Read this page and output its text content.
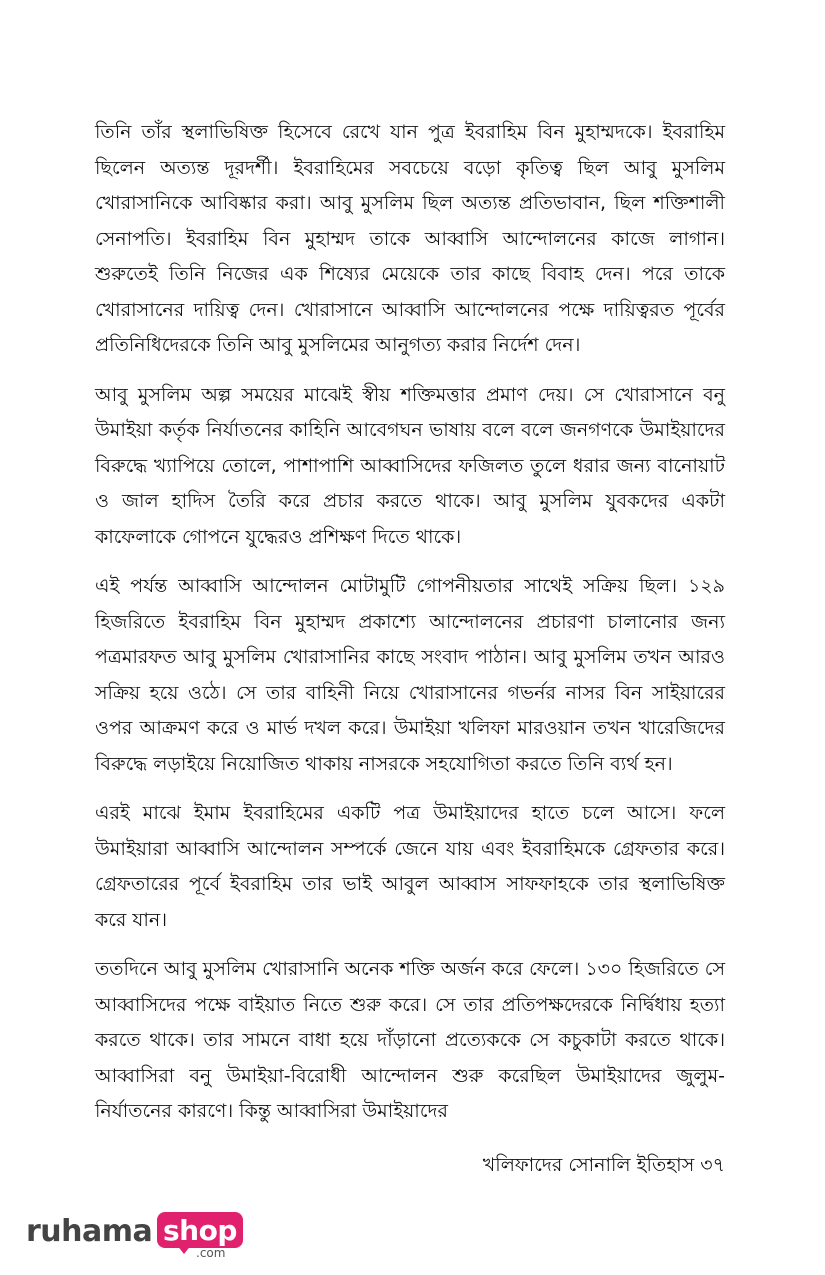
তিনি তাঁর স্থলাভিষিক্ত হিসেবে রেখে যান পুত্র ইবরাহিম বিন মুহাম্মদকে। ইবরাহিম ছিলেন অত্যন্ত দূরদর্শী। ইবরাহিমের সবচেয়ে বড়ো কৃতিত্ব ছিল আবু মুসলিম খোরাসানিকে আবিষ্কার করা। আবু মুসলিম ছিল অত্যন্ত প্রতিভাবান, ছিল শক্তিশালী সেনাপতি। ইবরাহিম বিন মুহাম্মদ তাকে আব্বাসি আন্দোলনের কাজে লাগান। শুরুতেই তিনি নিজের এক শিষ্যের মেয়েকে তার কাছে বিবাহ দেন। পরে তাকে খোরাসানের দায়িত্ব দেন। খোরাসানে আব্বাসি আন্দোলনের পক্ষে দায়িত্বরত পূর্বের প্রতিনিধিদেরকে তিনি আবু মুসলিমের আনুগত্য করার নির্দেশ দেন।

আবু মুসলিম অল্প সময়ের মাঝেই স্বীয় শক্তিমত্তার প্রমাণ দেয়। সে খোরাসানে বনু উমাইয়া কর্তৃক নির্যাতনের কাহিনি আবেগঘন ভাষায় বলে বলে জনগণকে উমাইয়াদের বিরুদ্ধে খ্যাপিয়ে তোলে, পাশাপাশি আব্বাসিদের ফজিলত তুলে ধরার জন্য বানোয়াট ও জাল হাদিস তৈরি করে প্রচার করতে থাকে। আবু মুসলিম যুবকদের একটা কাফেলাকে গোপনে যুদ্ধেরও প্রশিক্ষণ দিতে থাকে।

এই পর্যন্ত আব্বাসি আন্দোলন মোটামুটি গোপনীয়তার সাথেই সক্রিয় ছিল। ১২৯ হিজরিতে ইবরাহিম বিন মুহাম্মদ প্রকাশ্যে আন্দোলনের প্রচারণা চালানোর জন্য পত্রমারফত আবু মুসলিম খোরাসানির কাছে সংবাদ পাঠান। আবু মুসলিম তখন আরও সক্রিয় হয়ে ওঠে। সে তার বাহিনী নিয়ে খোরাসানের গভর্নর নাসর বিন সাইয়ারের ওপর আক্রমণ করে ও মার্ভ দখল করে। উমাইয়া খলিফা মারওয়ান তখন খারেজিদের বিরুদ্ধে লড়াইয়ে নিয়োজিত থাকায় নাসরকে সহযোগিতা করতে তিনি ব্যর্থ হন।

এরই মাঝে ইমাম ইবরাহিমের একটি পত্র উমাইয়াদের হাতে চলে আসে। ফলে উমাইয়ারা আব্বাসি আন্দোলন সম্পর্কে জেনে যায় এবং ইবরাহিমকে গ্রেফতার করে। গ্রেফতারের পূর্বে ইবরাহিম তার ভাই আবুল আব্বাস সাফফাহকে তার স্থলাভিষিক্ত করে যান।

ততদিনে আবু মুসলিম খোরাসানি অনেক শক্তি অর্জন করে ফেলে। ১৩০ হিজরিতে সে আব্বাসিদের পক্ষে বাইয়াত নিতে শুরু করে। সে তার প্রতিপক্ষদেরকে নির্দ্বিধায় হত্যা করতে থাকে। তার সামনে বাধা হয়ে দাঁড়ানো প্রত্যেককে সে কচুকাটা করতে থাকে। আব্বাসিরা বনু উমাইয়া-বিরোধী আন্দোলন শুরু করেছিল উমাইয়াদের জুলুম-নির্যাতনের কারণে। কিন্তু আব্বাসিরা উমাইয়াদের

খলিফাদের সোনালি ইতিহাস ৩৭
ruhama shop
.com
